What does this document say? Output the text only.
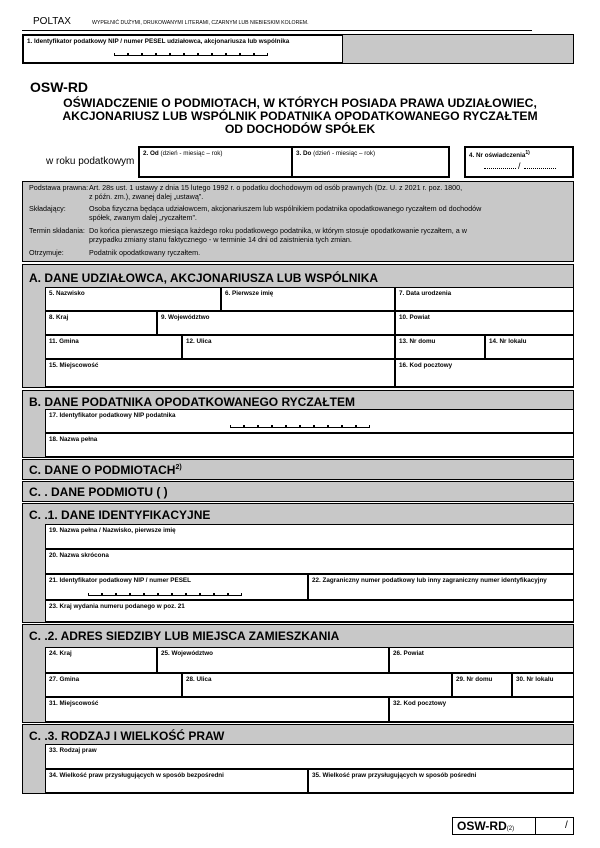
POLTAX	WYPEŁNIĆ DUŻYMI, DRUKOWANYMI LITERAMI, CZARNYM LUB NIEBIESKIM KOLOREM.
1. Identyfikator podatkowy NIP / numer PESEL udziałowca, akcjonariusza lub wspólnika
OSW-RD
OŚWIADCZENIE O PODMIOTACH, W KTÓRYCH POSIADA PRAWA UDZIAŁOWIEC,
AKCJONARIUSZ LUB WSPÓLNIK PODATNIKA OPODATKOWANEGO RYCZAŁTEM
OD DOCHODÓW SPÓŁEK
w roku podatkowym
2. Od (dzień - miesiąc – rok)	3. Do (dzień - miesiąc – rok)	4. Nr oświadczenia$^{1)}$
/
Podstawa prawna: Art. 28s ust. 1 ustawy z dnia 15 lutego 1992 r. o podatku dochodowym od osób prawnych (Dz. U. z 2021 r. poz. 1800,
z późn. zm.), zwanej dalej „ustawą”.
Składający:	Osoba fizyczna będąca udziałowcem, akcjonariuszem lub wspólnikiem podatnika opodatkowanego ryczałtem od dochodów
spółek, zwanym dalej „ryczałtem”.
Termin składania: Do końca pierwszego miesiąca każdego roku podatkowego podatnika, w którym stosuje opodatkowanie ryczałtem, a w
przypadku zmiany stanu faktycznego - w terminie 14 dni od zaistnienia tych zmian.
Otrzymuje:	Podatnik opodatkowany ryczałtem.
A. DANE UDZIAŁOWCA, AKCJONARIUSZA LUB WSPÓLNIKA
5. Nazwisko	6. Pierwsze imię	7. Data urodzenia
8. Kraj	9. Województwo	10. Powiat
11. Gmina	12. Ulica	13. Nr domu	14. Nr lokalu
15. Miejscowość	16. Kod pocztowy
B. DANE PODATNIKA OPODATKOWANEGO RYCZAŁTEM
17. Identyfikator podatkowy NIP podatnika
18. Nazwa pełna
C. DANE O PODMIOTACH$^{2)}$
C. . DANE PODMIOTU ( )
C. .1. DANE IDENTYFIKACYJNE
19. Nazwa pełna / Nazwisko, pierwsze imię
20. Nazwa skrócona
21. Identyfikator podatkowy NIP / numer PESEL	22. Zagraniczny numer podatkowy lub inny zagraniczny numer identyfikacyjny
23. Kraj wydania numeru podanego w poz. 21
C. .2. ADRES SIEDZIBY LUB MIEJSCA ZAMIESZKANIA
24. Kraj	25. Województwo	26. Powiat
27. Gmina	28. Ulica	29. Nr domu	30. Nr lokalu
31. Miejscowość	32. Kod pocztowy
C. .3. RODZAJ I WIELKOŚĆ PRAW
33. Rodzaj praw
34. Wielkość praw przysługujących w sposób bezpośredni	35. Wielkość praw przysługujących w sposób pośredni
OSW-RD(2)	/
